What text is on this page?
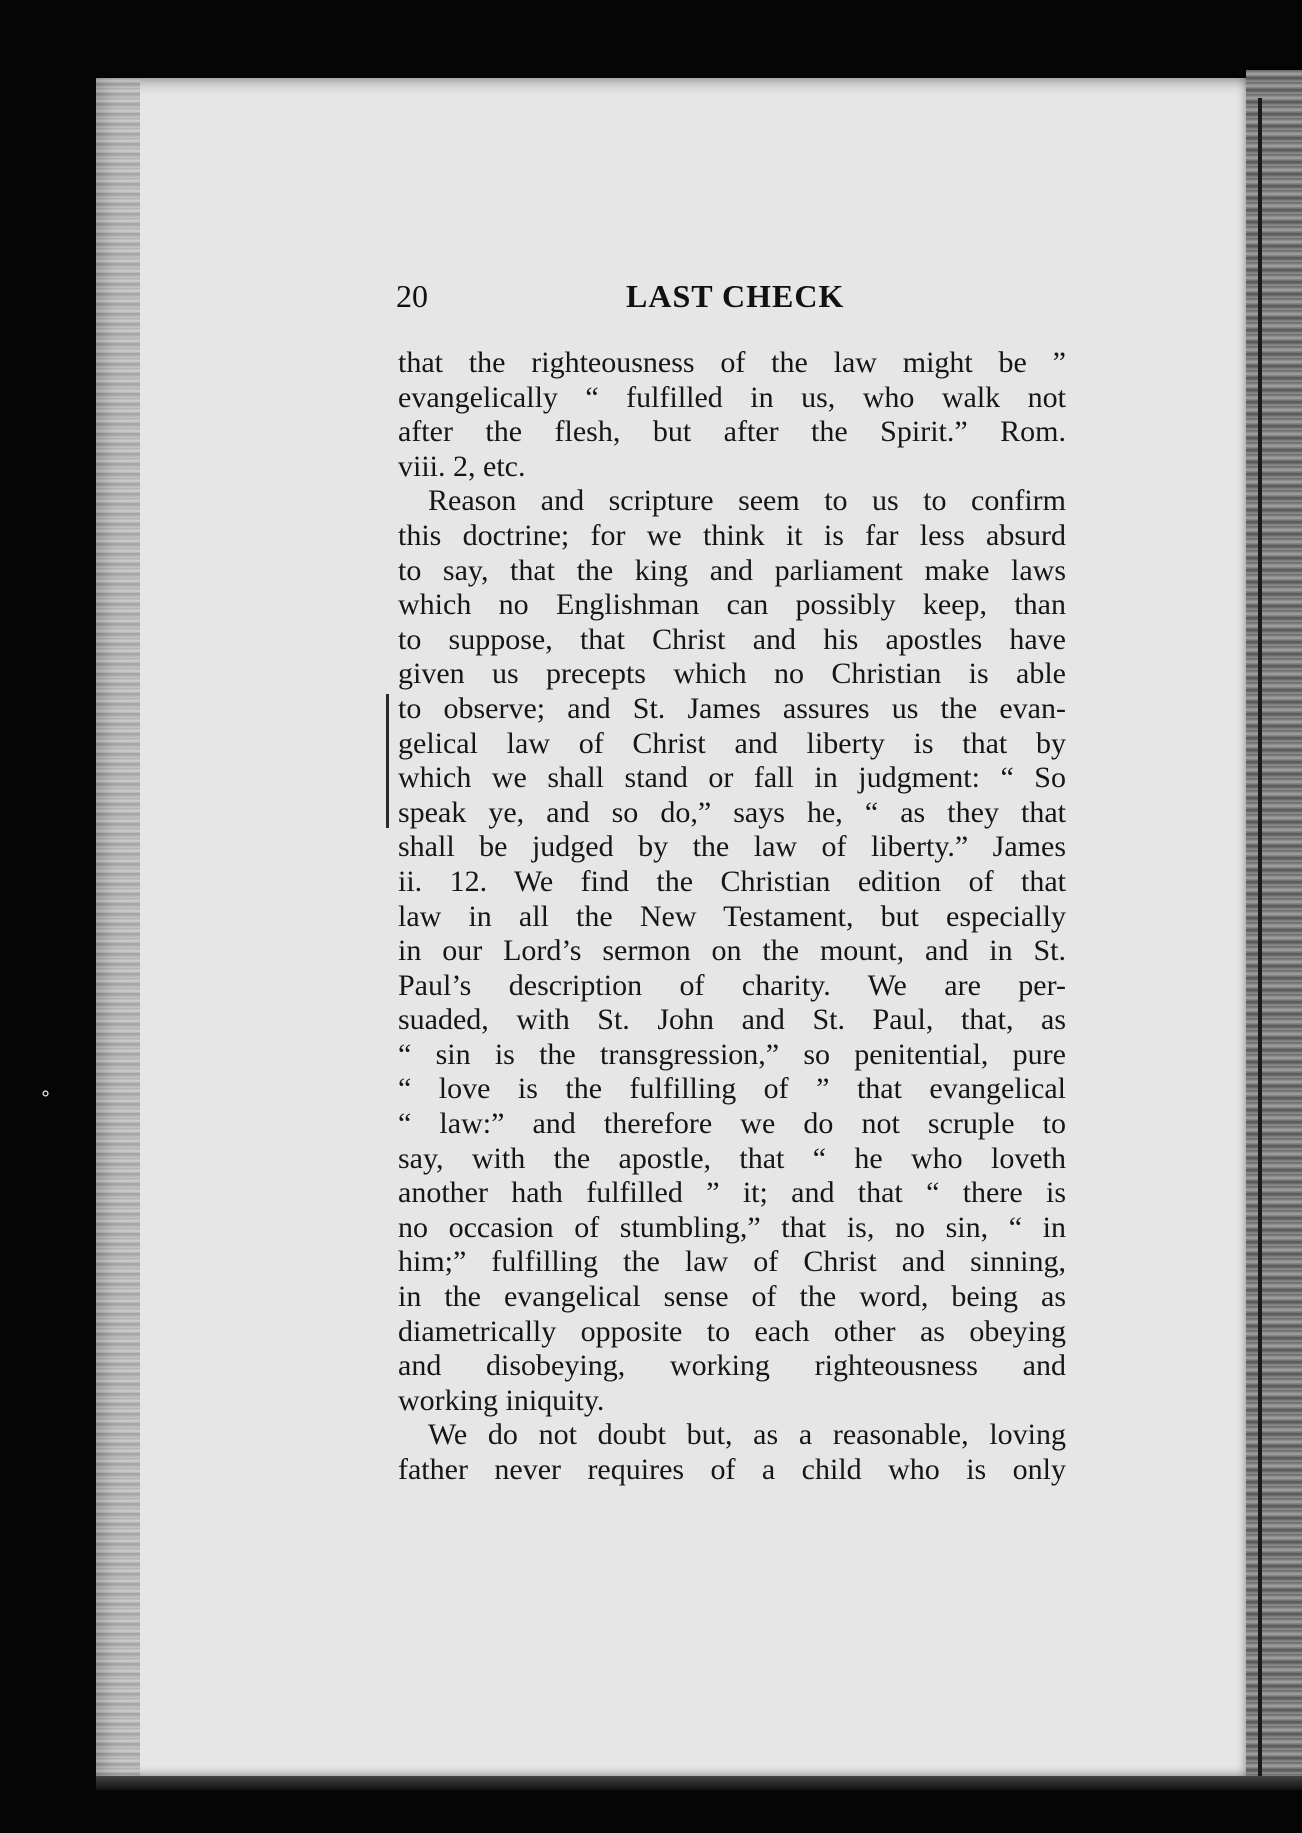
⚬
20	LAST CHECK
that the righteousness of the law might be ”
evangelically “ fulfilled in us, who walk not
after the flesh, but after the Spirit.” Rom.
viii. 2, etc.
Reason and scripture seem to us to confirm
this doctrine; for we think it is far less absurd
to say, that the king and parliament make laws
which no Englishman can possibly keep, than
to suppose, that Christ and his apostles have
given us precepts which no Christian is able
to observe; and St. James assures us the evan-
gelical law of Christ and liberty is that by
which we shall stand or fall in judgment: “ So
speak ye, and so do,” says he, “ as they that
shall be judged by the law of liberty.” James
ii. 12. We find the Christian edition of that
law in all the New Testament, but especially
in our Lord’s sermon on the mount, and in St.
Paul’s description of charity. We are per-
suaded, with St. John and St. Paul, that, as
“ sin is the transgression,” so penitential, pure
“ love is the fulfilling of ” that evangelical
“ law:” and therefore we do not scruple to
say, with the apostle, that “ he who loveth
another hath fulfilled ” it; and that “ there is
no occasion of stumbling,” that is, no sin, “ in
him;” fulfilling the law of Christ and sinning,
in the evangelical sense of the word, being as
diametrically opposite to each other as obeying
and disobeying, working righteousness and
working iniquity.
We do not doubt but, as a reasonable, loving
father never requires of a child who is only
